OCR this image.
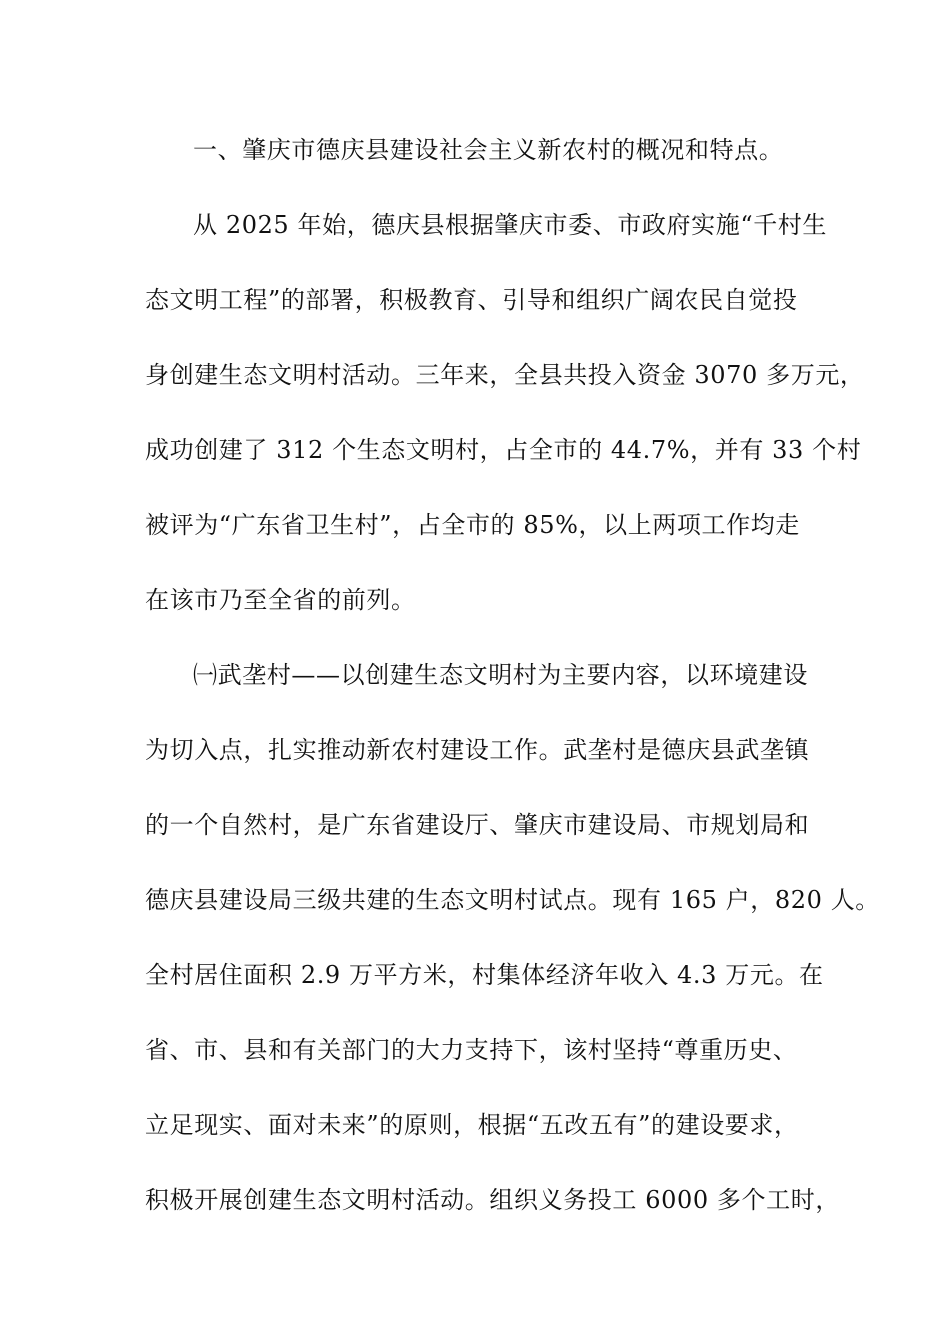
一、肇庆市德庆县建设社会主义新农村的概况和特点。
从 2025 年始，德庆县根据肇庆市委、市政府实施“千村生
态文明工程”的部署，积极教育、引导和组织广阔农民自觉投
身创建生态文明村活动。三年来，全县共投入资金 3070 多万元，
成功创建了 312 个生态文明村，占全市的 44.7%，并有 33 个村
被评为“广东省卫生村”，占全市的 85%，以上两项工作均走
在该市乃至全省的前列。
㈠武垄村——以创建生态文明村为主要内容，以环境建设
为切入点，扎实推动新农村建设工作。武垄村是德庆县武垄镇
的一个自然村，是广东省建设厅、肇庆市建设局、市规划局和
德庆县建设局三级共建的生态文明村试点。现有 165 户，820 人。
全村居住面积 2.9 万平方米，村集体经济年收入 4.3 万元。在
省、市、县和有关部门的大力支持下，该村坚持“尊重历史、
立足现实、面对未来”的原则，根据“五改五有”的建设要求，
积极开展创建生态文明村活动。组织义务投工 6000 多个工时，
